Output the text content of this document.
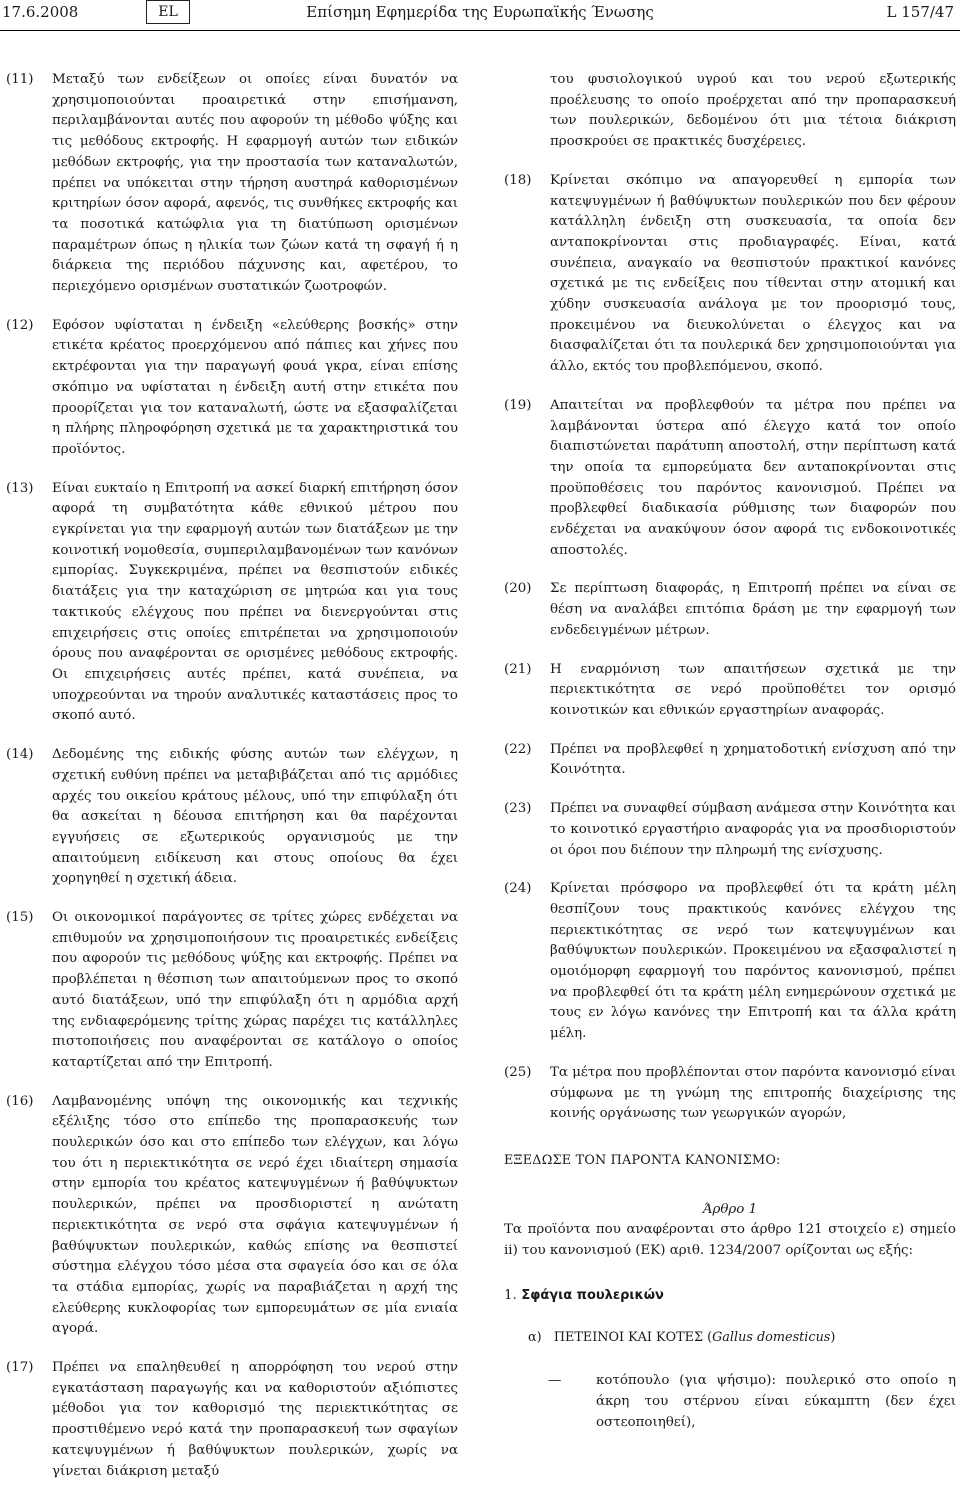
17.6.2008	EL	Επίσημη Εφημερίδα της Ευρωπαϊκής Ένωσης	L 157/47
(11) Μεταξύ των ενδείξεων οι οποίες είναι δυνατόν να χρησιμοποιούνται προαιρετικά στην επισήμανση, περιλαμβάνονται αυτές που αφορούν τη μέθοδο ψύξης και τις μεθόδους εκτροφής. Η εφαρμογή αυτών των ειδικών μεθόδων εκτροφής, για την προστασία των καταναλωτών, πρέπει να υπόκειται στην τήρηση αυστηρά καθορισμένων κριτηρίων όσον αφορά, αφενός, τις συνθήκες εκτροφής και τα ποσοτικά κατώφλια για τη διατύπωση ορισμένων παραμέτρων όπως η ηλικία των ζώων κατά τη σφαγή ή η διάρκεια της περιόδου πάχυνσης και, αφετέρου, το περιεχόμενο ορισμένων συστατικών ζωοτροφών.

(12) Εφόσον υφίσταται η ένδειξη «ελεύθερης βοσκής» στην ετικέτα κρέατος προερχόμενου από πάπιες και χήνες που εκτρέφονται για την παραγωγή φουά γκρα, είναι επίσης σκόπιμο να υφίσταται η ένδειξη αυτή στην ετικέτα που προορίζεται για τον καταναλωτή, ώστε να εξασφαλίζεται η πλήρης πληροφόρηση σχετικά με τα χαρακτηριστικά του προϊόντος.

(13) Είναι ευκταίο η Επιτροπή να ασκεί διαρκή επιτήρηση όσον αφορά τη συμβατότητα κάθε εθνικού μέτρου που εγκρίνεται για την εφαρμογή αυτών των διατάξεων με την κοινοτική νομοθεσία, συμπεριλαμβανομένων των κανόνων εμπορίας. Συγκεκριμένα, πρέπει να θεσπιστούν ειδικές διατάξεις για την καταχώριση σε μητρώα και για τους τακτικούς ελέγχους που πρέπει να διενεργούνται στις επιχειρήσεις στις οποίες επιτρέπεται να χρησιμοποιούν όρους που αναφέρονται σε ορισμένες μεθόδους εκτροφής. Οι επιχειρήσεις αυτές πρέπει, κατά συνέπεια, να υποχρεούνται να τηρούν αναλυτικές καταστάσεις προς το σκοπό αυτό.

(14) Δεδομένης της ειδικής φύσης αυτών των ελέγχων, η σχετική ευθύνη πρέπει να μεταβιβάζεται από τις αρμόδιες αρχές του οικείου κράτους μέλους, υπό την επιφύλαξη ότι θα ασκείται η δέουσα επιτήρηση και θα παρέχονται εγγυήσεις σε εξωτερικούς οργανισμούς με την απαιτούμενη ειδίκευση και στους οποίους θα έχει χορηγηθεί η σχετική άδεια.

(15) Οι οικονομικοί παράγοντες σε τρίτες χώρες ενδέχεται να επιθυμούν να χρησιμοποιήσουν τις προαιρετικές ενδείξεις που αφορούν τις μεθόδους ψύξης και εκτροφής. Πρέπει να προβλέπεται η θέσπιση των απαιτούμενων προς το σκοπό αυτό διατάξεων, υπό την επιφύλαξη ότι η αρμόδια αρχή της ενδιαφερόμενης τρίτης χώρας παρέχει τις κατάλληλες πιστοποιήσεις που αναφέρονται σε κατάλογο ο οποίος καταρτίζεται από την Επιτροπή.

(16) Λαμβανομένης υπόψη της οικονομικής και τεχνικής εξέλιξης τόσο στο επίπεδο της προπαρασκευής των πουλερικών όσο και στο επίπεδο των ελέγχων, και λόγω του ότι η περιεκτικότητα σε νερό έχει ιδιαίτερη σημασία στην εμπορία του κρέατος κατεψυγμένων ή βαθύψυκτων πουλερικών, πρέπει να προσδιοριστεί η ανώτατη περιεκτικότητα σε νερό στα σφάγια κατεψυγμένων ή βαθύψυκτων πουλερικών, καθώς επίσης να θεσπιστεί σύστημα ελέγχου τόσο μέσα στα σφαγεία όσο και σε όλα τα στάδια εμπορίας, χωρίς να παραβιάζεται η αρχή της ελεύθερης κυκλοφορίας των εμπορευμάτων σε μία ενιαία αγορά.

(17) Πρέπει να επαληθευθεί η απορρόφηση του νερού στην εγκατάσταση παραγωγής και να καθοριστούν αξιόπιστες μέθοδοι για τον καθορισμό της περιεκτικότητας σε προστιθέμενο νερό κατά την προπαρασκευή των σφαγίων κατεψυγμένων ή βαθύψυκτων πουλερικών, χωρίς να γίνεται διάκριση μεταξύ

του φυσιολογικού υγρού και του νερού εξωτερικής προέλευσης το οποίο προέρχεται από την προπαρασκευή των πουλερικών, δεδομένου ότι μια τέτοια διάκριση προσκρούει σε πρακτικές δυσχέρειες.

(18) Κρίνεται σκόπιμο να απαγορευθεί η εμπορία των κατεψυγμένων ή βαθύψυκτων πουλερικών που δεν φέρουν κατάλληλη ένδειξη στη συσκευασία, τα οποία δεν ανταποκρίνονται στις προδιαγραφές. Είναι, κατά συνέπεια, αναγκαίο να θεσπιστούν πρακτικοί κανόνες σχετικά με τις ενδείξεις που τίθενται στην ατομική και χύδην συσκευασία ανάλογα με τον προορισμό τους, προκειμένου να διευκολύνεται ο έλεγχος και να διασφαλίζεται ότι τα πουλερικά δεν χρησιμοποιούνται για άλλο, εκτός του προβλεπόμενου, σκοπό.

(19) Απαιτείται να προβλεφθούν τα μέτρα που πρέπει να λαμβάνονται ύστερα από έλεγχο κατά τον οποίο διαπιστώνεται παράτυπη αποστολή, στην περίπτωση κατά την οποία τα εμπορεύματα δεν ανταποκρίνονται στις προϋποθέσεις του παρόντος κανονισμού. Πρέπει να προβλεφθεί διαδικασία ρύθμισης των διαφορών που ενδέχεται να ανακύψουν όσον αφορά τις ενδοκοινοτικές αποστολές.

(20) Σε περίπτωση διαφοράς, η Επιτροπή πρέπει να είναι σε θέση να αναλάβει επιτόπια δράση με την εφαρμογή των ενδεδειγμένων μέτρων.

(21) Η εναρμόνιση των απαιτήσεων σχετικά με την περιεκτικότητα σε νερό προϋποθέτει τον ορισμό κοινοτικών και εθνικών εργαστηρίων αναφοράς.

(22) Πρέπει να προβλεφθεί η χρηματοδοτική ενίσχυση από την Κοινότητα.

(23) Πρέπει να συναφθεί σύμβαση ανάμεσα στην Κοινότητα και το κοινοτικό εργαστήριο αναφοράς για να προσδιοριστούν οι όροι που διέπουν την πληρωμή της ενίσχυσης.

(24) Κρίνεται πρόσφορο να προβλεφθεί ότι τα κράτη μέλη θεσπίζουν τους πρακτικούς κανόνες ελέγχου της περιεκτικότητας σε νερό των κατεψυγμένων και βαθύψυκτων πουλερικών. Προκειμένου να εξασφαλιστεί η ομοιόμορφη εφαρμογή του παρόντος κανονισμού, πρέπει να προβλεφθεί ότι τα κράτη μέλη ενημερώνουν σχετικά με τους εν λόγω κανόνες την Επιτροπή και τα άλλα κράτη μέλη.

(25) Τα μέτρα που προβλέπονται στον παρόντα κανονισμό είναι σύμφωνα με τη γνώμη της επιτροπής διαχείρισης της κοινής οργάνωσης των γεωργικών αγορών,

ΕΞΕΔΩΣΕ ΤΟΝ ΠΑΡΟΝΤΑ ΚΑΝΟΝΙΣΜΟ:

Άρθρο 1

Τα προϊόντα που αναφέρονται στο άρθρο 121 στοιχείο ε) σημείο ii) του κανονισμού (ΕΚ) αριθ. 1234/2007 ορίζονται ως εξής:

1. Σφάγια πουλερικών

α) ΠΕΤΕΙΝΟΙ ΚΑΙ ΚΟΤΕΣ (Gallus domesticus)

—	κοτόπουλο (για ψήσιμο): πουλερικό στο οποίο η άκρη του στέρνου είναι εύκαμπτη (δεν έχει οστεοποιηθεί),
